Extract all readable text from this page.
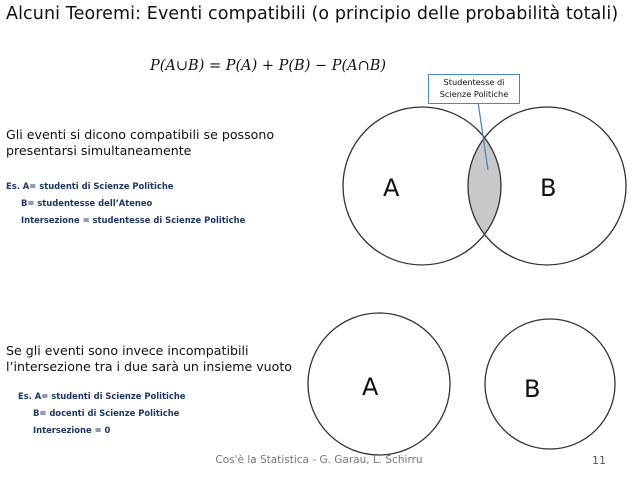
Alcuni Teoremi: Eventi compatibili (o principio delle probabilità totali)
P(A∪B) = P(A) + P(B) − P(A∩B)
A	B
A	B
Studentesse di
Scienze Politiche
Gli eventi si dicono compatibili se possono
presentarsi simultaneamente
Es. A= studenti di Scienze Politiche
B= studentesse dell’Ateneo
Intersezione = studentesse di Scienze Politiche
Se gli eventi sono invece incompatibili
l’intersezione tra i due sarà un insieme vuoto
Es. A= studenti di Scienze Politiche
B= docenti di Scienze Politiche
Intersezione = 0
Cos'è la Statistica - G. Garau, L. Schirru	11
